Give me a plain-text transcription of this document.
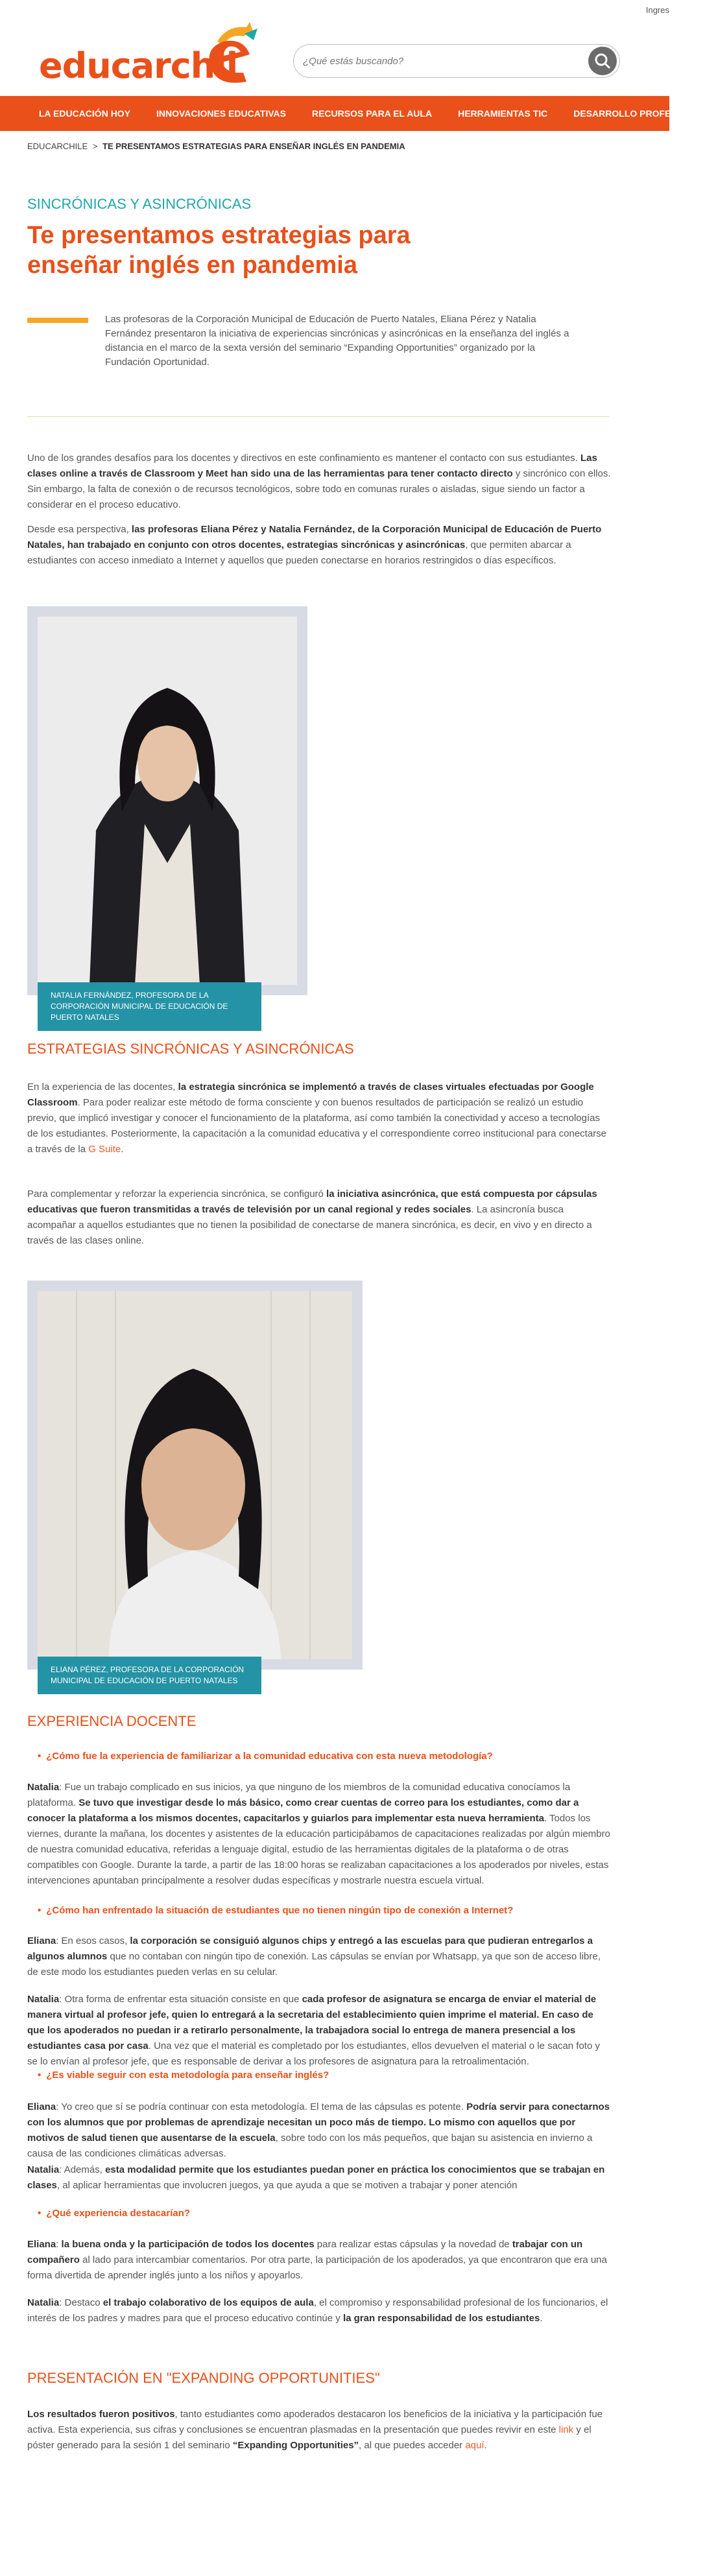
Ingres
educarchil
¿Qué estás buscando?
LA EDUCACIÓN HOY	INNOVACIONES EDUCATIVAS	RECURSOS PARA EL AULA	HERRAMIENTAS TIC	DESARROLLO PROFESIONAL
EDUCARCHILE > TE PRESENTAMOS ESTRATEGIAS PARA ENSEÑAR INGLÉS EN PANDEMIA
SINCRÓNICAS Y ASINCRÓNICAS
Te presentamos estrategias para enseñar inglés en pandemia

Las profesoras de la Corporación Municipal de Educación de Puerto Natales, Eliana Pérez y Natalia Fernández presentaron la iniciativa de experiencias sincrónicas y asincrónicas en la enseñanza del inglés a distancia en el marco de la sexta versión del seminario “Expanding Opportunities” organizado por la Fundación Oportunidad.

Uno de los grandes desafíos para los docentes y directivos en este confinamiento es mantener el contacto con sus estudiantes. Las clases online a través de Classroom y Meet han sido una de las herramientas para tener contacto directo y sincrónico con ellos. Sin embargo, la falta de conexión o de recursos tecnológicos, sobre todo en comunas rurales o aisladas, sigue siendo un factor a considerar en el proceso educativo.

Desde esa perspectiva, las profesoras Eliana Pérez y Natalia Fernández, de la Corporación Municipal de Educación de Puerto Natales, han trabajado en conjunto con otros docentes, estrategias sincrónicas y asincrónicas, que permiten abarcar a estudiantes con acceso inmediato a Internet y aquellos que pueden conectarse en horarios restringidos o días específicos.

NATALIA FERNÁNDEZ, PROFESORA DE LA CORPORACIÓN MUNICIPAL DE EDUCACIÓN DE PUERTO NATALES
ESTRATEGIAS SINCRÓNICAS Y ASINCRÓNICAS

En la experiencia de las docentes, la estrategia sincrónica se implementó a través de clases virtuales efectuadas por Google Classroom. Para poder realizar este método de forma consciente y con buenos resultados de participación se realizó un estudio previo, que implicó investigar y conocer el funcionamiento de la plataforma, así como también la conectividad y acceso a tecnologías de los estudiantes. Posteriormente, la capacitación a la comunidad educativa y el correspondiente correo institucional para conectarse a través de la G Suite.

Para complementar y reforzar la experiencia sincrónica, se configuró la iniciativa asincrónica, que está compuesta por cápsulas educativas que fueron transmitidas a través de televisión por un canal regional y redes sociales. La asincronía busca acompañar a aquellos estudiantes que no tienen la posibilidad de conectarse de manera sincrónica, es decir, en vivo y en directo a través de las clases online.

ELIANA PÉREZ, PROFESORA DE LA CORPORACIÓN MUNICIPAL DE EDUCACIÓN DE PUERTO NATALES
EXPERIENCIA DOCENTE
• ¿Cómo fue la experiencia de familiarizar a la comunidad educativa con esta nueva metodología?

Natalia: Fue un trabajo complicado en sus inicios, ya que ninguno de los miembros de la comunidad educativa conocíamos la plataforma. Se tuvo que investigar desde lo más básico, como crear cuentas de correo para los estudiantes, como dar a conocer la plataforma a los mismos docentes, capacitarlos y guiarlos para implementar esta nueva herramienta. Todos los viernes, durante la mañana, los docentes y asistentes de la educación participábamos de capacitaciones realizadas por algún miembro de nuestra comunidad educativa, referidas a lenguaje digital, estudio de las herramientas digitales de la plataforma o de otras compatibles con Google. Durante la tarde, a partir de las 18:00 horas se realizaban capacitaciones a los apoderados por niveles, estas intervenciones apuntaban principalmente a resolver dudas específicas y mostrarle nuestra escuela virtual.

• ¿Cómo han enfrentado la situación de estudiantes que no tienen ningún tipo de conexión a Internet?

Eliana: En esos casos, la corporación se consiguió algunos chips y entregó a las escuelas para que pudieran entregarlos a algunos alumnos que no contaban con ningún tipo de conexión. Las cápsulas se envían por Whatsapp, ya que son de acceso libre, de este modo los estudiantes pueden verlas en su celular.

Natalia: Otra forma de enfrentar esta situación consiste en que cada profesor de asignatura se encarga de enviar el material de manera virtual al profesor jefe, quien lo entregará a la secretaria del establecimiento quien imprime el material. En caso de que los apoderados no puedan ir a retirarlo personalmente, la trabajadora social lo entrega de manera presencial a los estudiantes casa por casa. Una vez que el material es completado por los estudiantes, ellos devuelven el material o le sacan foto y se lo envían al profesor jefe, que es responsable de derivar a los profesores de asignatura para la retroalimentación.

• ¿Es viable seguir con esta metodología para enseñar inglés?

Eliana: Yo creo que sí se podría continuar con esta metodología. El tema de las cápsulas es potente. Podría servir para conectarnos con los alumnos que por problemas de aprendizaje necesitan un poco más de tiempo. Lo mismo con aquellos que por motivos de salud tienen que ausentarse de la escuela, sobre todo con los más pequeños, que bajan su asistencia en invierno a causa de las condiciones climáticas adversas.

Natalia: Además, esta modalidad permite que los estudiantes puedan poner en práctica los conocimientos que se trabajan en clases, al aplicar herramientas que involucren juegos, ya que ayuda a que se motiven a trabajar y poner atención

• ¿Qué experiencia destacarían?

Eliana: la buena onda y la participación de todos los docentes para realizar estas cápsulas y la novedad de trabajar con un compañero al lado para intercambiar comentarios. Por otra parte, la participación de los apoderados, ya que encontraron que era una forma divertida de aprender inglés junto a los niños y apoyarlos.

Natalia: Destaco el trabajo colaborativo de los equipos de aula, el compromiso y responsabilidad profesional de los funcionarios, el interés de los padres y madres para que el proceso educativo continúe y la gran responsabilidad de los estudiantes.

PRESENTACIÓN EN "EXPANDING OPPORTUNITIES"

Los resultados fueron positivos, tanto estudiantes como apoderados destacaron los beneficios de la iniciativa y la participación fue activa. Esta experiencia, sus cifras y conclusiones se encuentran plasmadas en la presentación que puedes revivir en este link y el póster generado para la sesión 1 del seminario “Expanding Opportunities”, al que puedes acceder aquí.
